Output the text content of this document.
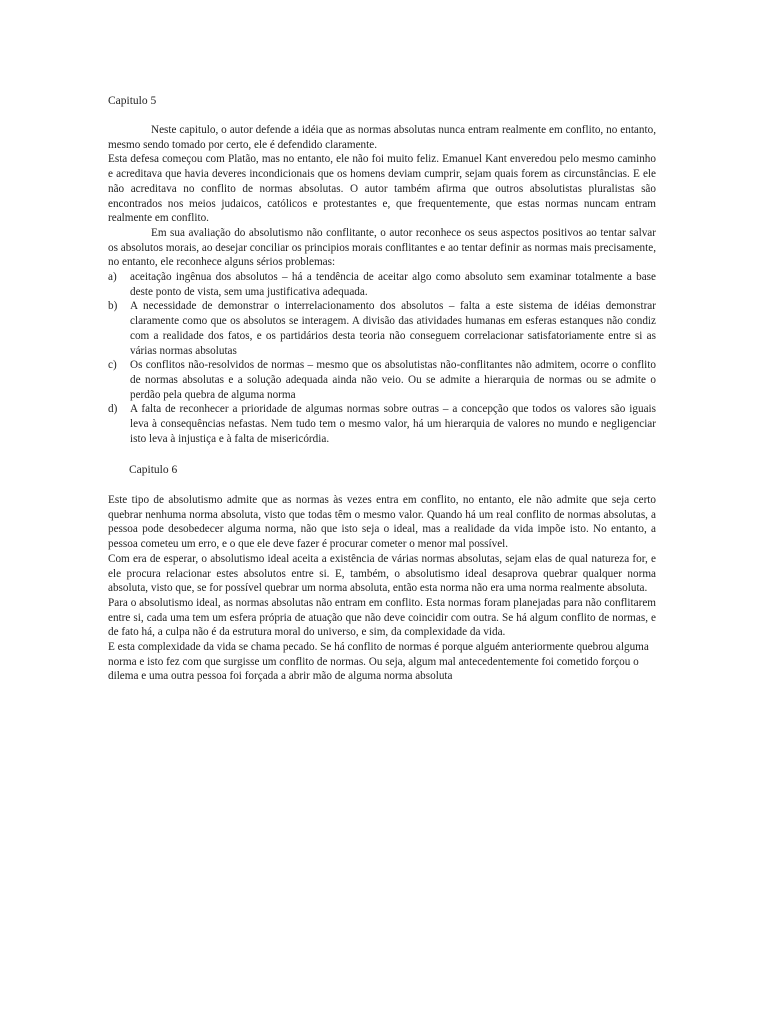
Capitulo 5

Neste capitulo, o autor defende a idéia que as normas absolutas nunca entram realmente em conflito, no entanto, mesmo sendo tomado por certo, ele é defendido claramente.

Esta defesa começou com Platão, mas no entanto, ele não foi muito feliz. Emanuel Kant enveredou pelo mesmo caminho e acreditava que havia deveres incondicionais que os homens deviam cumprir, sejam quais forem as circunstâncias. E ele não acreditava no conflito de normas absolutas. O autor também afirma que outros absolutistas pluralistas são encontrados nos meios judaicos, católicos e protestantes e, que frequentemente, que estas normas nuncam entram realmente em conflito.

Em sua avaliação do absolutismo não conflitante, o autor reconhece os seus aspectos positivos ao tentar salvar os absolutos morais, ao desejar conciliar os principios morais conflitantes e ao tentar definir as normas mais precisamente, no entanto, ele reconhece alguns sérios problemas:

a) aceitação ingênua dos absolutos – há a tendência de aceitar algo como absoluto sem examinar totalmente a base deste ponto de vista, sem uma justificativa adequada.
b) A necessidade de demonstrar o interrelacionamento dos absolutos – falta a este sistema de idéias demonstrar claramente como que os absolutos se interagem. A divisão das atividades humanas em esferas estanques não condiz com a realidade dos fatos, e os partidários desta teoria não conseguem correlacionar satisfatoriamente entre si as várias normas absolutas
c) Os conflitos não-resolvidos de normas – mesmo que os absolutistas não-conflitantes não admitem, ocorre o conflito de normas absolutas e a solução adequada ainda não veio. Ou se admite a hierarquia de normas ou se admite o perdão pela quebra de alguma norma
d) A falta de reconhecer a prioridade de algumas normas sobre outras – a concepção que todos os valores são iguais leva à consequências nefastas. Nem tudo tem o mesmo valor, há um hierarquia de valores no mundo e negligenciar isto leva à injustiça e à falta de misericórdia.
Capitulo 6

Este tipo de absolutismo admite que as normas às vezes entra em conflito, no entanto, ele não admite que seja certo quebrar nenhuma norma absoluta, visto que todas têm o mesmo valor. Quando há um real conflito de normas absolutas, a pessoa pode desobedecer alguma norma, não que isto seja o ideal, mas a realidade da vida impõe isto. No entanto, a pessoa cometeu um erro, e o que ele deve fazer é procurar cometer o menor mal possível.

Com era de esperar, o absolutismo ideal aceita a existência de várias normas absolutas, sejam elas de qual natureza for, e ele procura relacionar estes absolutos entre si. E, também, o absolutismo ideal desaprova quebrar qualquer norma absoluta, visto que, se for possível quebrar um norma absoluta, então esta norma não era uma norma realmente absoluta.

Para o absolutismo ideal, as normas absolutas não entram em conflito. Esta normas foram planejadas para não conflitarem entre si, cada uma tem um esfera própria de atuação que não deve coincidir com outra. Se há algum conflito de normas, e de fato há, a culpa não é da estrutura moral do universo, e sim, da complexidade da vida.

E esta complexidade da vida se chama pecado. Se há conflito de normas é porque alguém anteriormente quebrou alguma norma e isto fez com que surgisse um conflito de normas. Ou seja, algum mal antecedentemente foi cometido forçou o dilema e uma outra pessoa foi forçada a abrir mão de alguma norma absoluta
